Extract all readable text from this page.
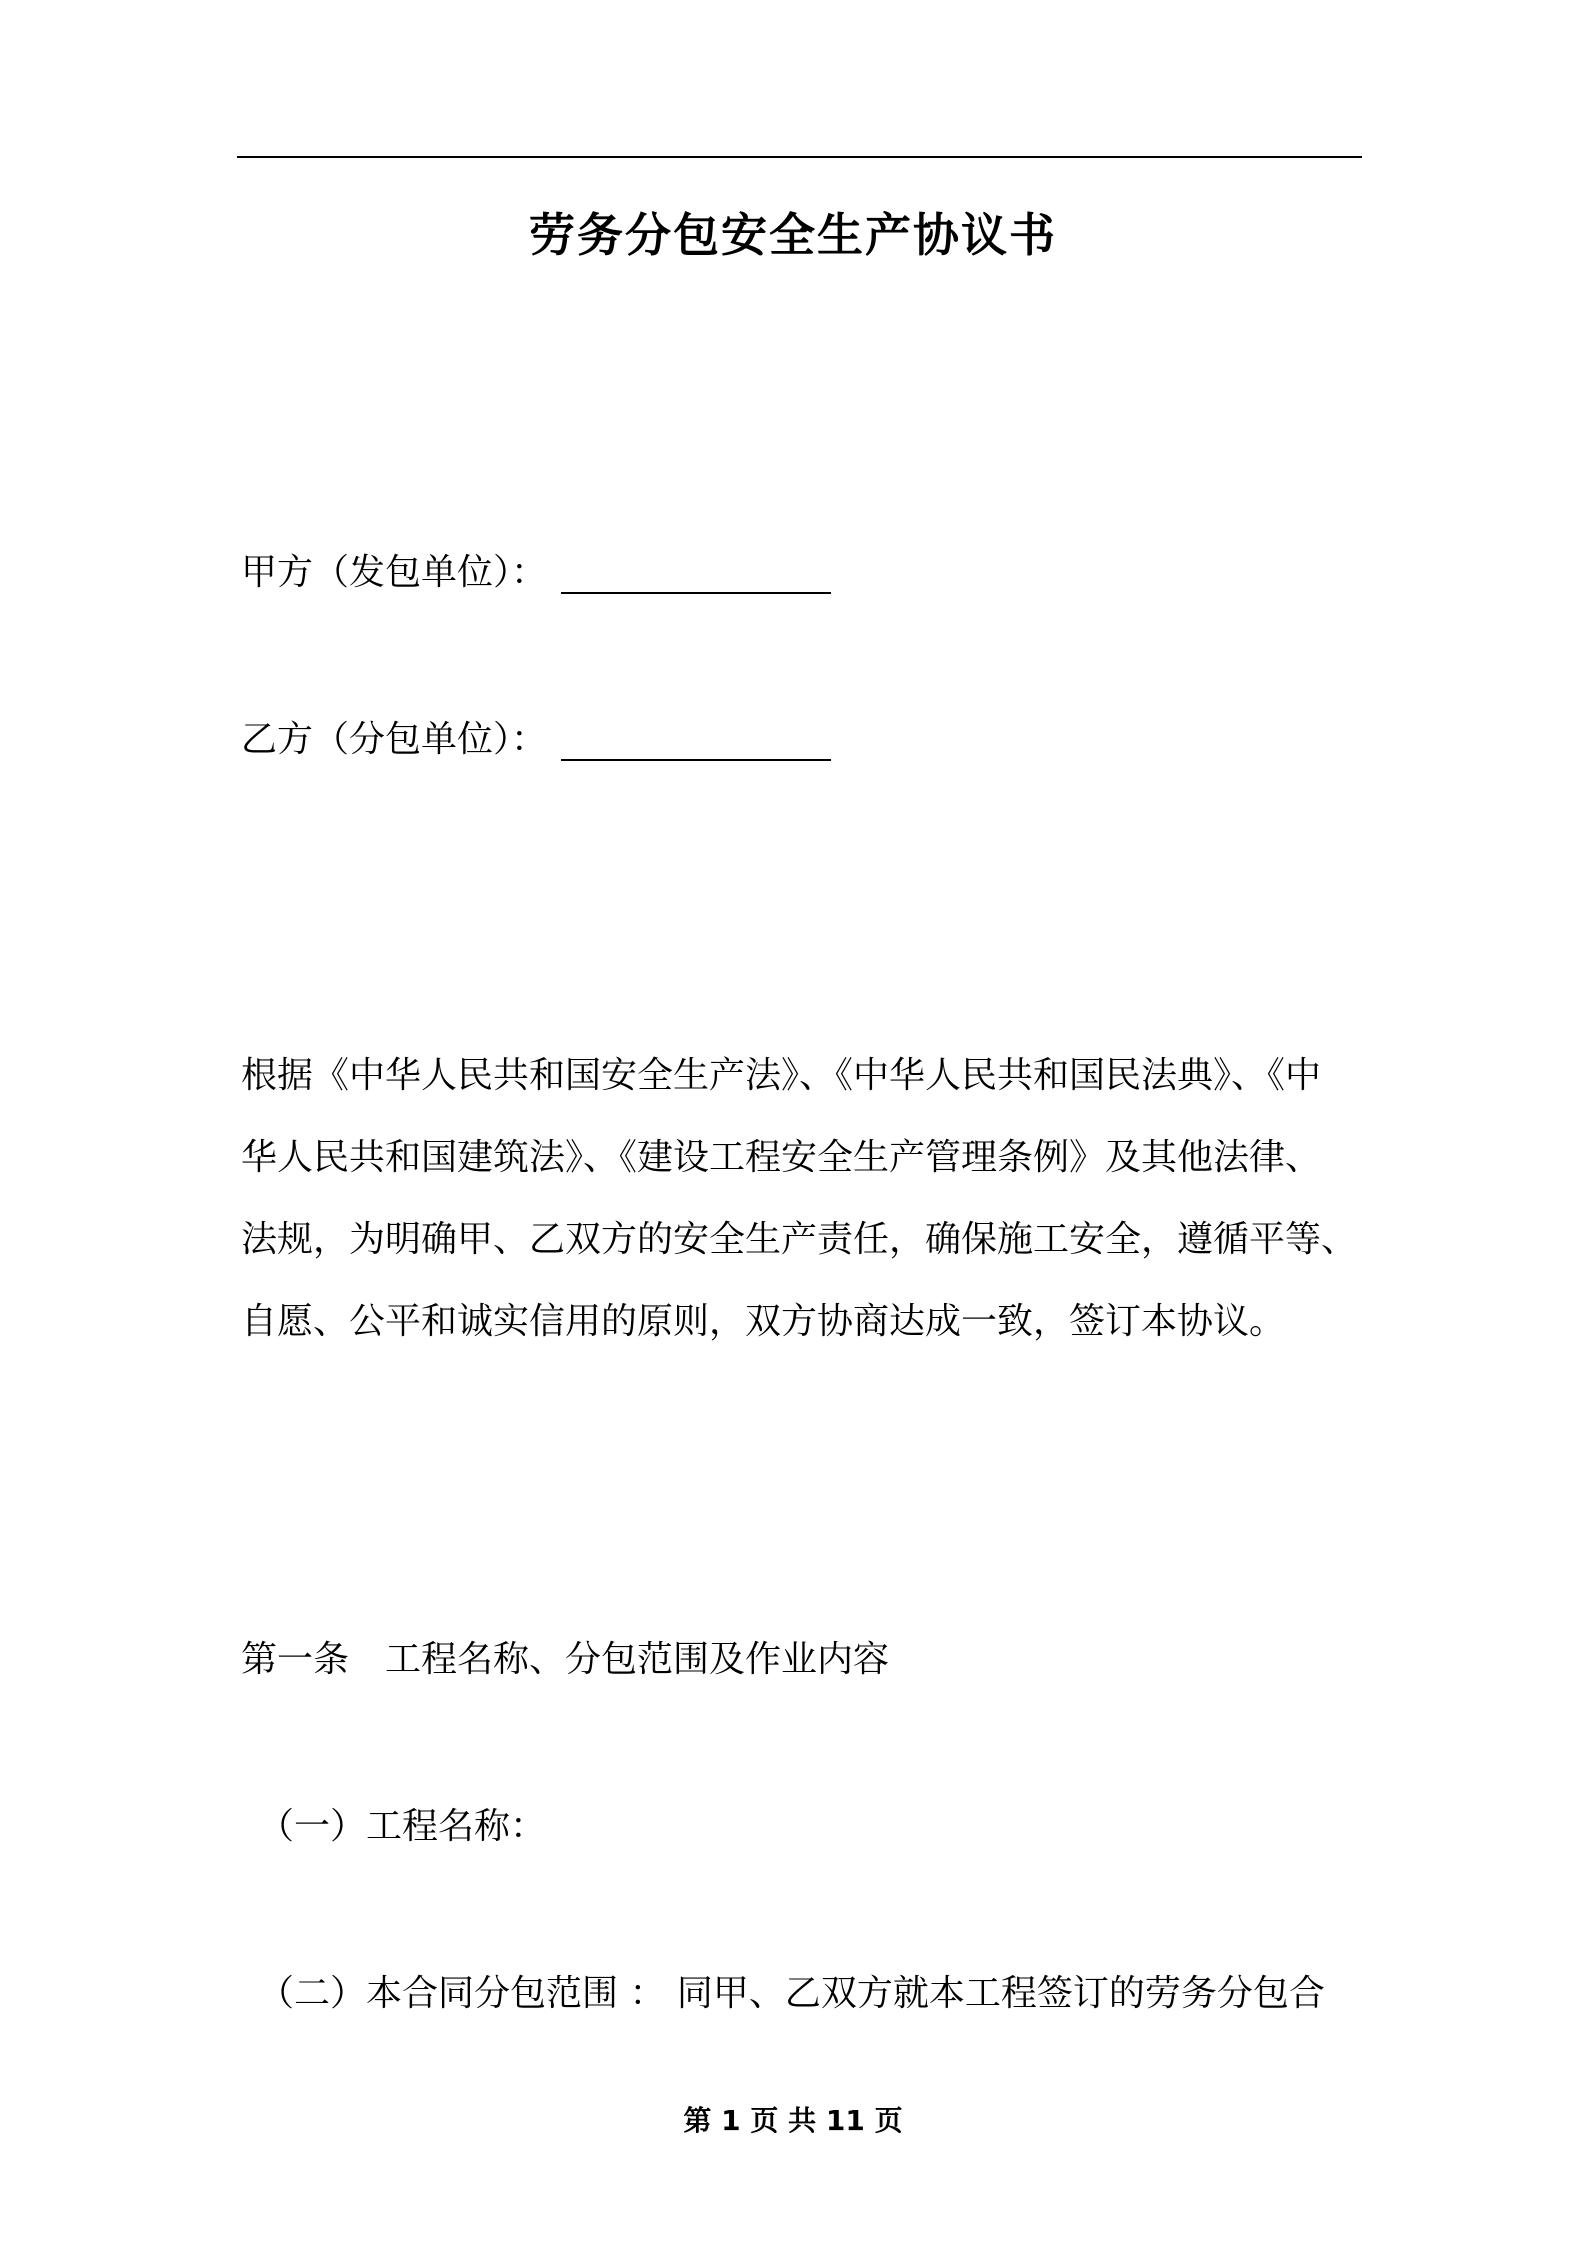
劳务分包安全生产协议书
甲方（发包单位）：
乙方（分包单位）：
根据《中华人民共和国安全生产法》、《中华人民共和国民法典》、《中
华人民共和国建筑法》、《建设工程安全生产管理条例》及其他法律、
法规，为明确甲、乙双方的安全生产责任，确保施工安全，遵循平等、
自愿、公平和诚实信用的原则，双方协商达成一致，签订本协议。
第一条 工程名称、分包范围及作业内容
（一）工程名称：
（二）本合同分包范围 ： 同甲、乙双方就本工程签订的劳务分包合
第 1 页 共 11 页
